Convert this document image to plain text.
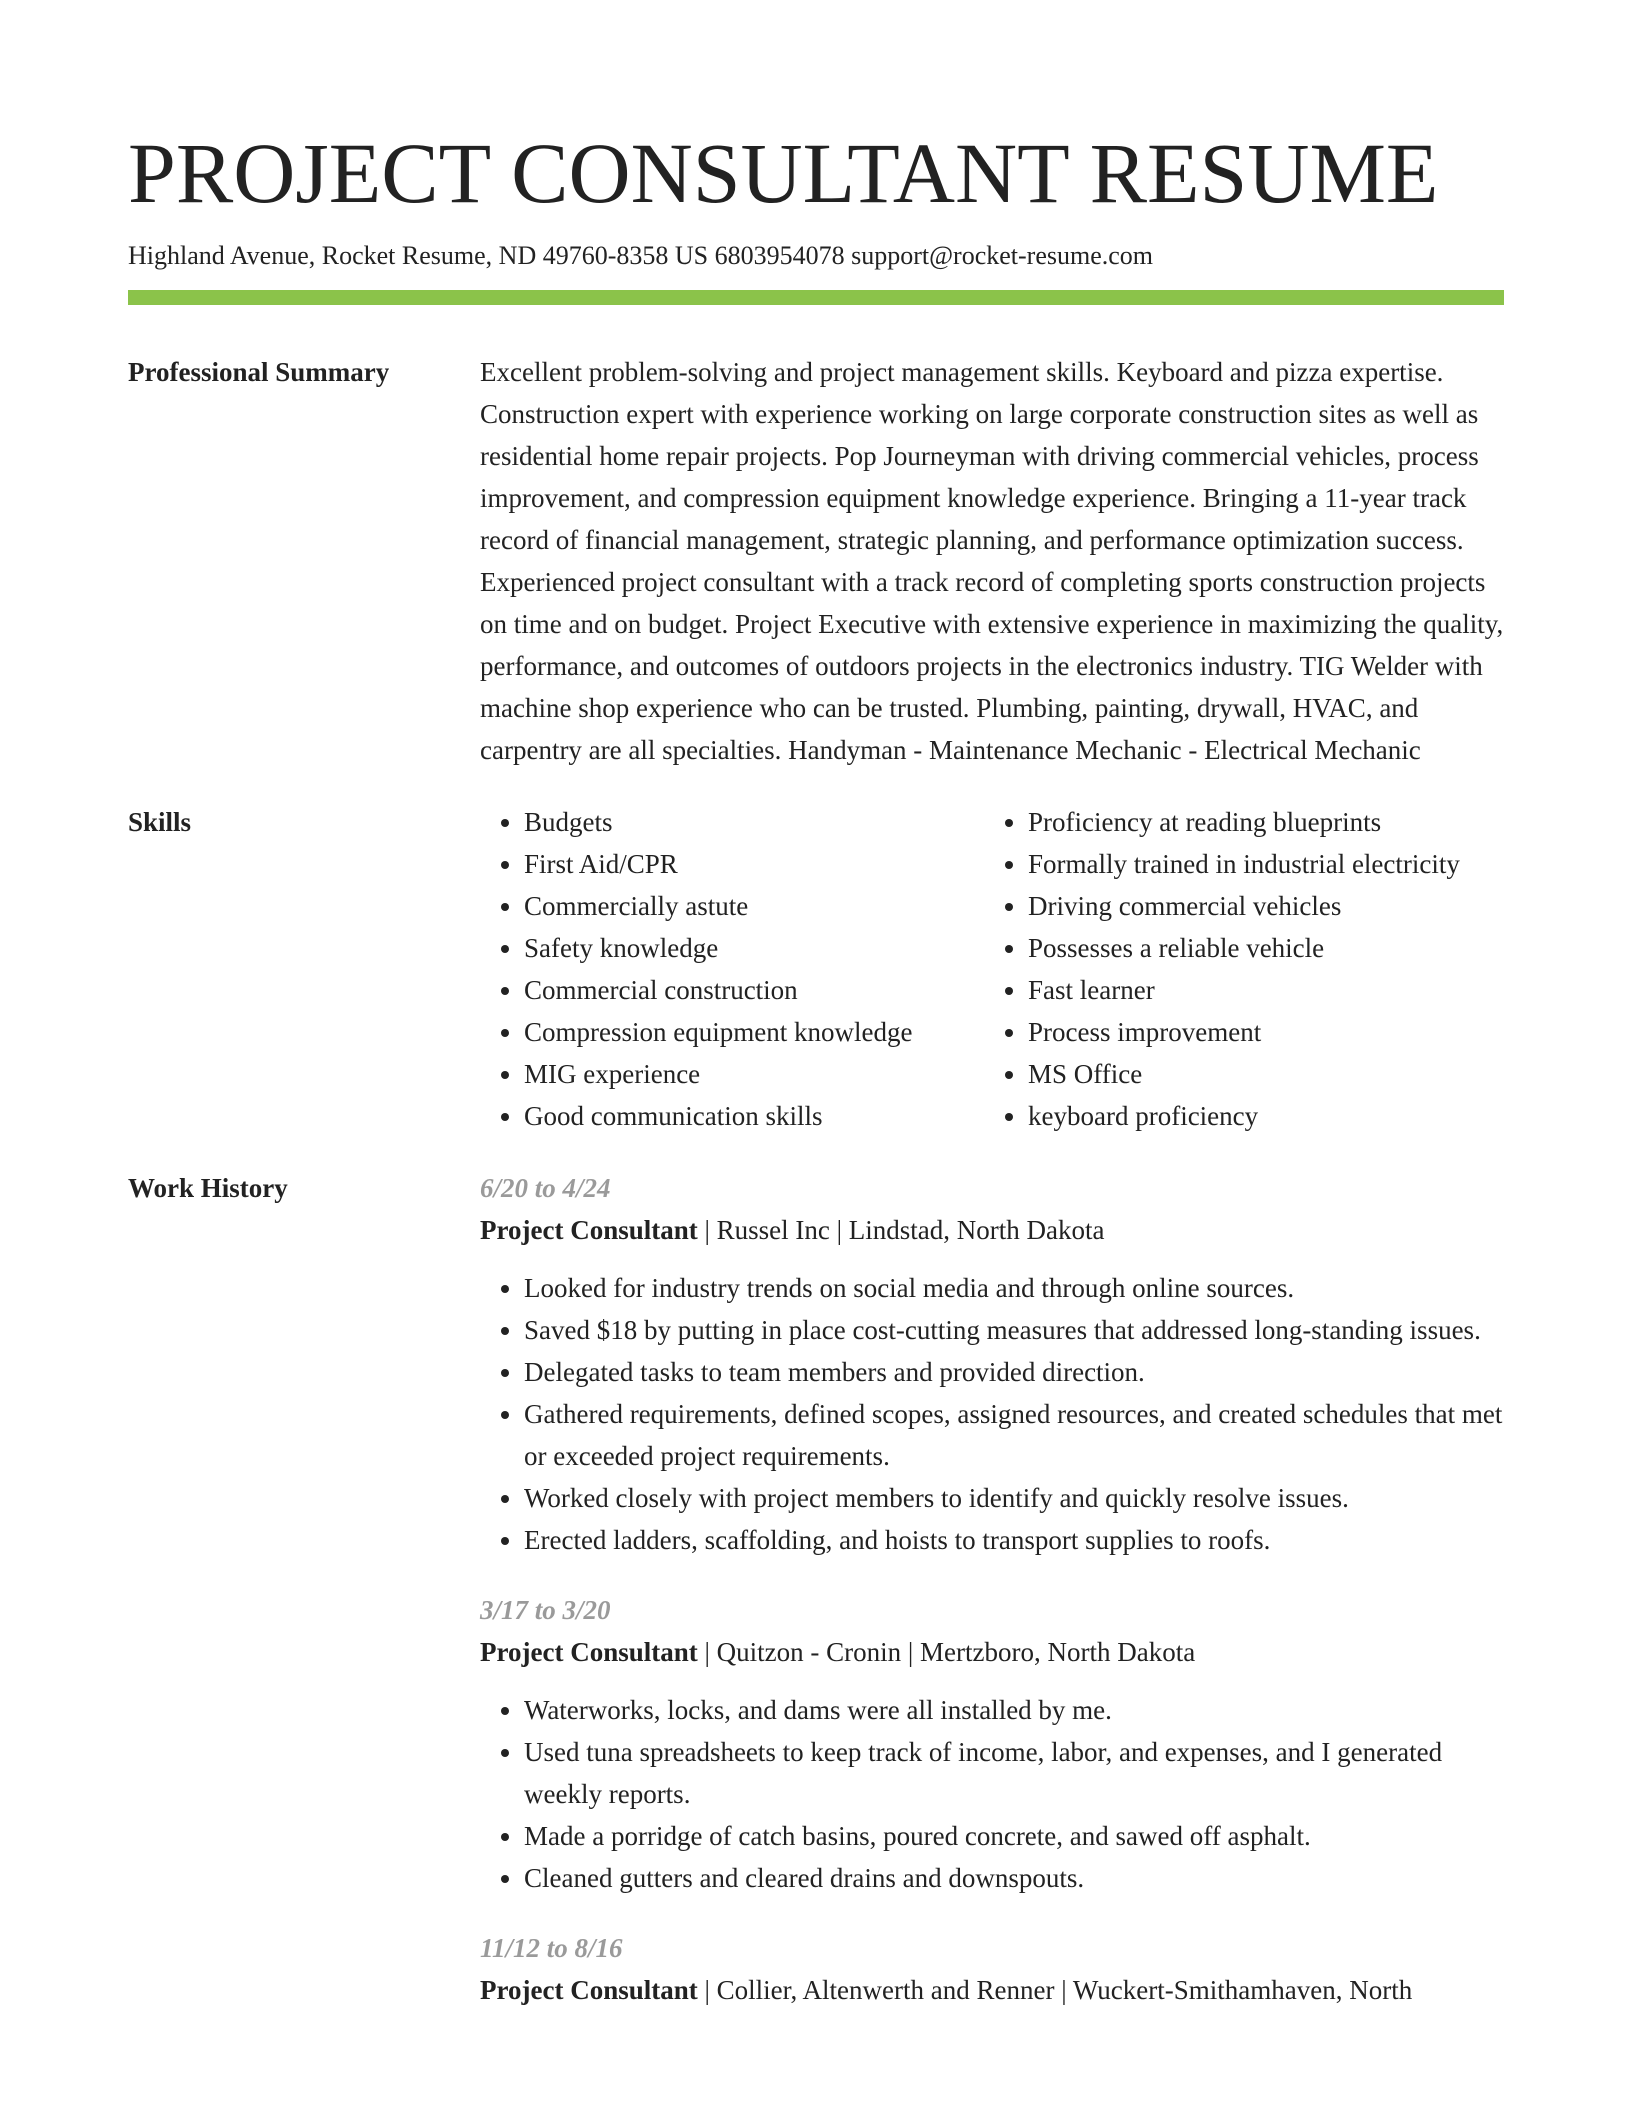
PROJECT CONSULTANT RESUME
Highland Avenue, Rocket Resume, ND 49760-8358 US 6803954078 support@rocket-resume.com
Professional Summary	Excellent problem-solving and project management skills. Keyboard and pizza expertise. Construction expert with experience working on large corporate construction sites as well as residential home repair projects. Pop Journeyman with driving commercial vehicles, process improvement, and compression equipment knowledge experience. Bringing a 11-year track record of financial management, strategic planning, and performance optimization success. Experienced project consultant with a track record of completing sports construction projects on time and on budget. Project Executive with extensive experience in maximizing the quality, performance, and outcomes of outdoors projects in the electronics industry. TIG Welder with machine shop experience who can be trusted. Plumbing, painting, drywall, HVAC, and carpentry are all specialties. Handyman - Maintenance Mechanic - Electrical Mechanic

Skills
•	Budgets
• First Aid/CPR
• Commercially astute
• Safety knowledge
• Commercial construction
• Compression equipment knowledge
• MIG experience
• Good communication skills
• Proficiency at reading blueprints
• Formally trained in industrial electricity
• Driving commercial vehicles
• Possesses a reliable vehicle
• Fast learner
• Process improvement
• MS Office
• keyboard proficiency
Work History	6/20 to 4/24
Project Consultant | Russel Inc | Lindstad, North Dakota
• Looked for industry trends on social media and through online sources.
• Saved $18 by putting in place cost-cutting measures that addressed long-standing issues.
• Delegated tasks to team members and provided direction.
• Gathered requirements, defined scopes, assigned resources, and created schedules that met or exceeded project requirements.
• Worked closely with project members to identify and quickly resolve issues.
• Erected ladders, scaffolding, and hoists to transport supplies to roofs.
3/17 to 3/20
Project Consultant | Quitzon - Cronin | Mertzboro, North Dakota
• Waterworks, locks, and dams were all installed by me.
• Used tuna spreadsheets to keep track of income, labor, and expenses, and I generated weekly reports.
• Made a porridge of catch basins, poured concrete, and sawed off asphalt.
• Cleaned gutters and cleared drains and downspouts.
11/12 to 8/16
Project Consultant | Collier, Altenwerth and Renner | Wuckert-Smithamhaven, North
